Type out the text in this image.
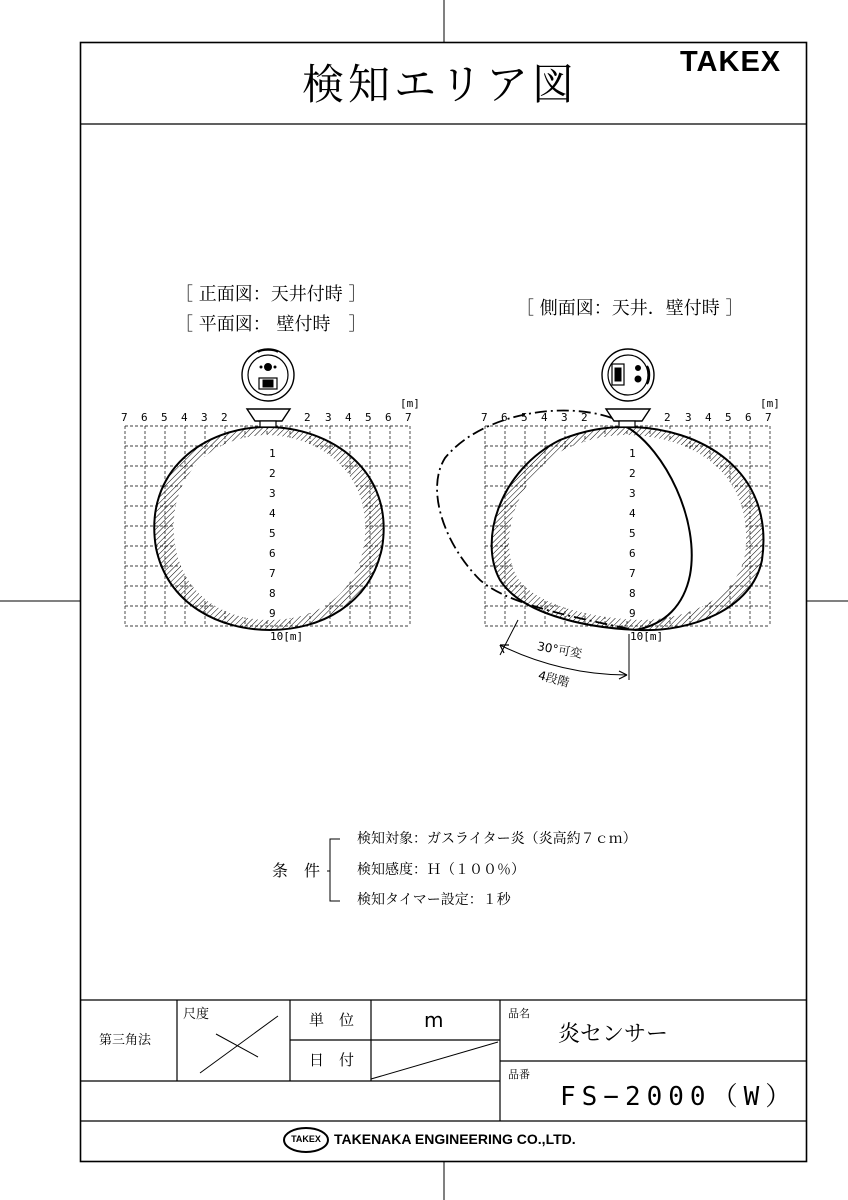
検知エリア図	TAKEX
［ 正面図：天井付時 ］
［ 平面図： 壁付時　］
[m]
7 6 5 4 3 2	2 3 4 5 6 7
1
2
3
4
5
6
7
8
9
10[m]
［ 側面図：天井．壁付時 ］
[m]
7 6 5 4 3 2	2 3 4 5 6 7
1
2
3
4
5
6
7
8
9
10[m]
30°可変
4段階
条　件
検知対象：ガスライター炎（炎高約７ｃｍ）
検知感度：Ｈ（１００％）
検知タイマー設定：１秒
第三角法
尺度	単　位	m
日　付
品名
炎センサー
品番
FS−2000（W）
TAKEX TAKENAKA ENGINEERING CO.,LTD.
